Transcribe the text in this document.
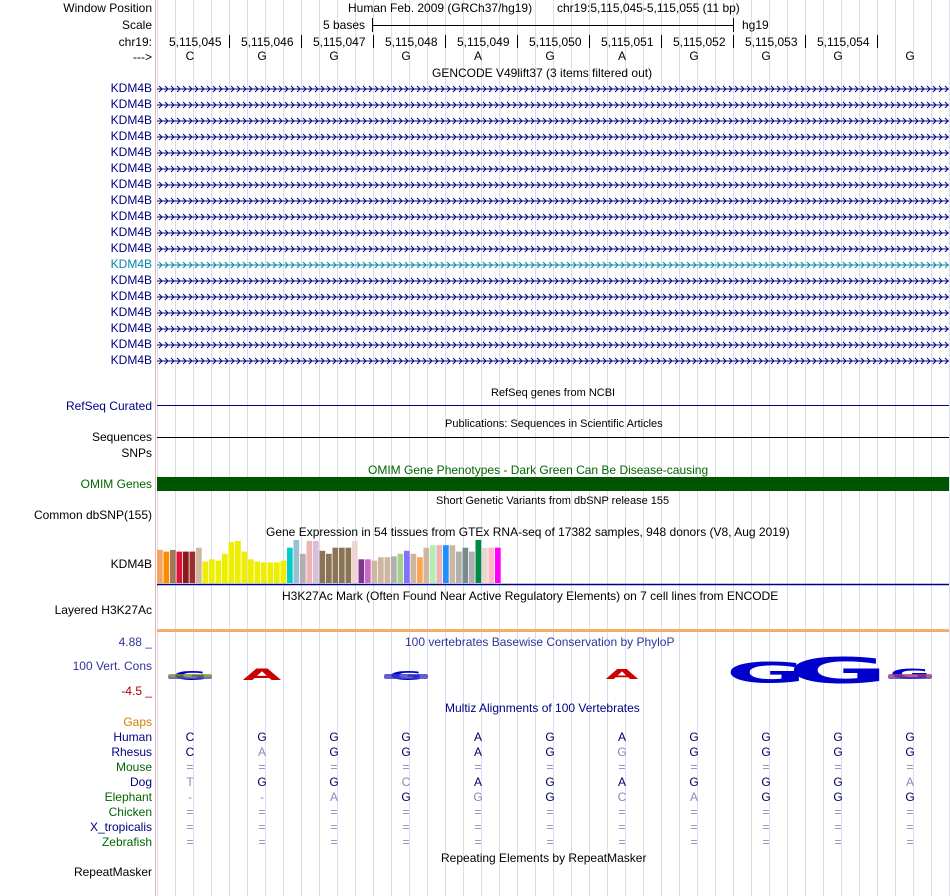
Window Position
Scale
chr19:
--->
Human Feb. 2009 (GRCh37/hg19) chr19:5,115,045-5,115,055 (11 bp)
5 bases	hg19
5,115,045 5,115,046 5,115,047 5,115,048 5,115,049 5,115,050 5,115,051 5,115,052 5,115,053 5,115,054
C	G	G	G	A	G	A	G	G	G	G
GENCODE V49lift37 (3 items filtered out)
KDM4B
KDM4B
KDM4B
KDM4B
KDM4B
KDM4B
KDM4B
KDM4B
KDM4B
KDM4B
KDM4B
KDM4B
KDM4B
KDM4B
KDM4B
KDM4B
KDM4B
KDM4B
RefSeq genes from NCBI
RefSeq Curated
Publications: Sequences in Scientific Articles
Sequences
SNPs
OMIM Gene Phenotypes - Dark Green Can Be Disease-causing
OMIM Genes
Short Genetic Variants from dbSNP release 155
Common dbSNP(155)
Gene Expression in 54 tissues from GTEx RNA-seq of 17382 samples, 948 donors (V8, Aug 2019)
KDM4B
H3K27Ac Mark (Often Found Near Active Regulatory Elements) on 7 cell lines from ENCODE
Layered H3K27Ac
100 vertebrates Basewise Conservation by PhyloP
4.88 _
100 Vert. Cons
-4.5 _
A	A	G
G
Multiz Alignments of 100 Vertebrates
Gaps
Human	C	G	G	G	A	G	A	G	G	G	G
Rhesus	C	A	G	G	A	G	G	G	G	G	G
Mouse	=	=	=	=	=	=	=	=	=	=	=
Dog	T	G	G	C	A	G	A	G	G	G	A
Elephant	-	-	A	G	G	G	C	A	G	G	G
Chicken	=	=	=	=	=	=	=	=	=	=	=
X_tropicalis	=	=	=	=	=	=	=	=	=	=	=
Zebrafish	=	=	=	=	=	=	=	=	=	=	=
Repeating Elements by RepeatMasker
RepeatMasker
